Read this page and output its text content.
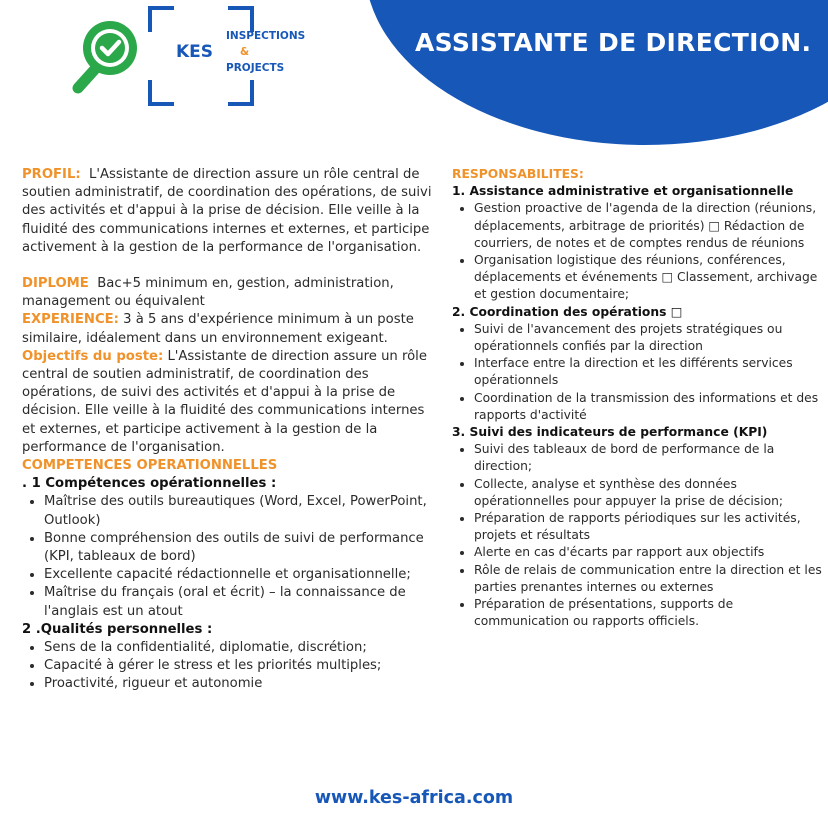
ASSISTANTE DE DIRECTION.
KES
INSPECTIONS
&
PROJECTS

PROFIL: L'Assistante de direction assure un rôle central de soutien administratif, de coordination des opérations, de suivi des activités et d'appui à la prise de décision. Elle veille à la fluidité des communications internes et externes, et participe activement à la gestion de la performance de l'organisation.

DIPLOME Bac+5 minimum en, gestion, administration, management ou équivalent

EXPERIENCE: 3 à 5 ans d'expérience minimum à un poste similaire, idéalement dans un environnement exigeant.

Objectifs du poste: L'Assistante de direction assure un rôle central de soutien administratif, de coordination des opérations, de suivi des activités et d'appui à la prise de décision. Elle veille à la fluidité des communications internes et externes, et participe activement à la gestion de la performance de l'organisation.

COMPETENCES OPERATIONNELLES
. 1 Compétences opérationnelles :
• Maîtrise des outils bureautiques (Word, Excel, PowerPoint, Outlook)
• Bonne compréhension des outils de suivi de performance (KPI, tableaux de bord)
• Excellente capacité rédactionnelle et organisationnelle;
• Maîtrise du français (oral et écrit) – la connaissance de l'anglais est un atout
2 .Qualités personnelles :
• Sens de la confidentialité, diplomatie, discrétion;
• Capacité à gérer le stress et les priorités multiples;
• Proactivité, rigueur et autonomie
RESPONSABILITES:
1. Assistance administrative et organisationnelle
• Gestion proactive de l'agenda de la direction (réunions, déplacements, arbitrage de priorités) □ Rédaction de courriers, de notes et de comptes rendus de réunions
• Organisation logistique des réunions, conférences, déplacements et événements □ Classement, archivage et gestion documentaire;
2. Coordination des opérations □
• Suivi de l'avancement des projets stratégiques ou opérationnels confiés par la direction
• Interface entre la direction et les différents services opérationnels
• Coordination de la transmission des informations et des rapports d'activité
3. Suivi des indicateurs de performance (KPI)
• Suivi des tableaux de bord de performance de la direction;
• Collecte, analyse et synthèse des données opérationnelles pour appuyer la prise de décision;
• Préparation de rapports périodiques sur les activités, projets et résultats
• Alerte en cas d'écarts par rapport aux objectifs
• Rôle de relais de communication entre la direction et les parties prenantes internes ou externes
• Préparation de présentations, supports de communication ou rapports officiels.
www.kes-africa.com
